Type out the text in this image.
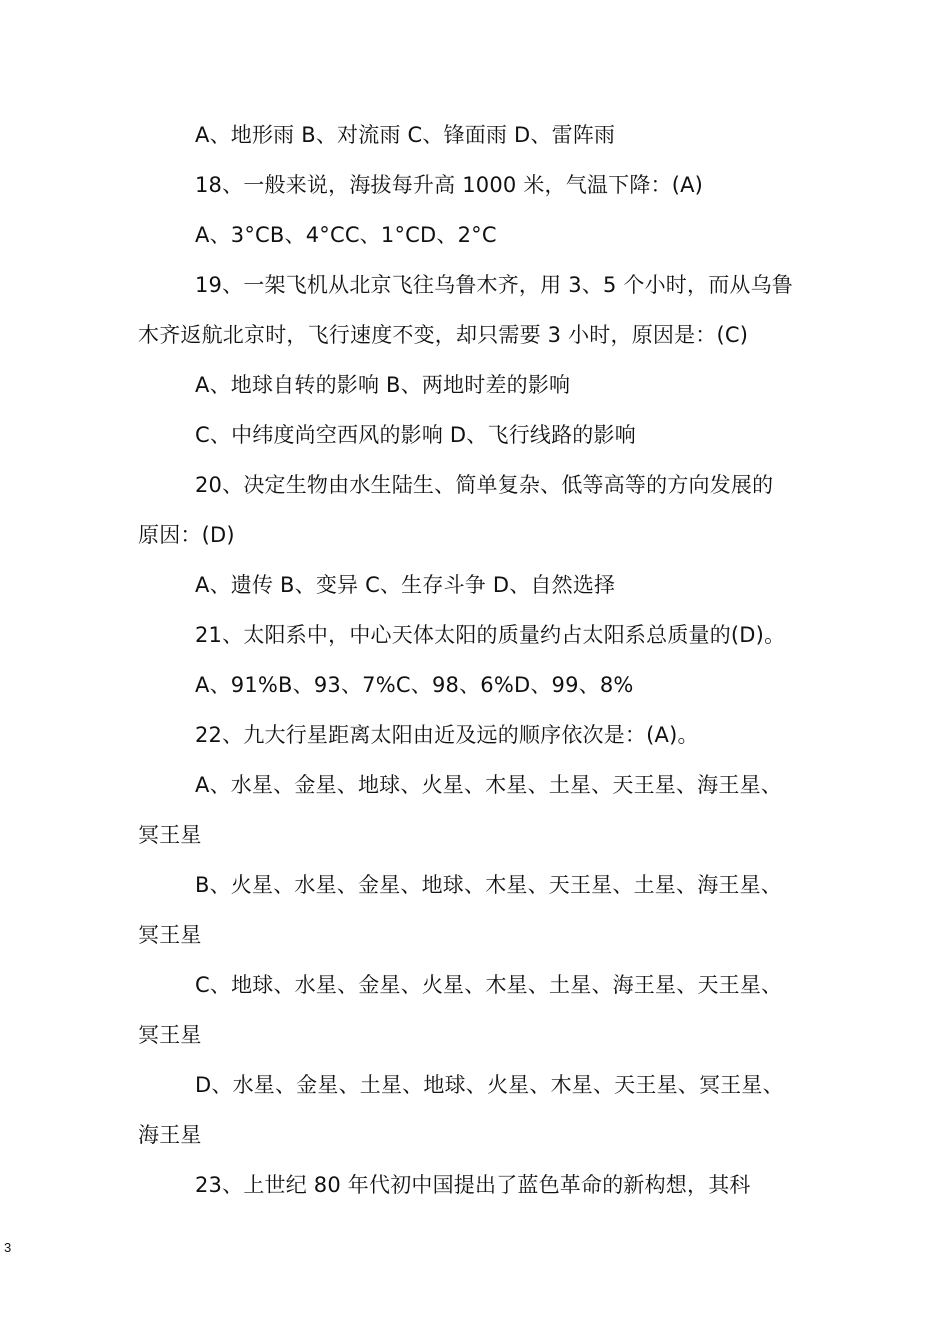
A、地形雨 B、对流雨 C、锋面雨 D、雷阵雨
18、一般来说，海拔每升高 1000 米，气温下降：(A)
A、3°CB、4°CC、1°CD、2°C
19、一架飞机从北京飞往乌鲁木齐，用 3、5 个小时，而从乌鲁
木齐返航北京时，飞行速度不变，却只需要 3 小时，原因是：(C)
A、地球自转的影响 B、两地时差的影响
C、中纬度尚空西风的影响 D、飞行线路的影响
20、决定生物由水生陆生、简单复杂、低等高等的方向发展的
原因：(D)
A、遗传 B、变异 C、生存斗争 D、自然选择
21、太阳系中，中心天体太阳的质量约占太阳系总质量的(D)。
A、91%B、93、7%C、98、6%D、99、8%
22、九大行星距离太阳由近及远的顺序依次是：(A)。
A、水星、金星、地球、火星、木星、土星、天王星、海王星、
冥王星
B、火星、水星、金星、地球、木星、天王星、土星、海王星、
冥王星
C、地球、水星、金星、火星、木星、土星、海王星、天王星、
冥王星
D、水星、金星、土星、地球、火星、木星、天王星、冥王星、
海王星
23、上世纪 80 年代初中国提出了蓝色革命的新构想，其科
3
